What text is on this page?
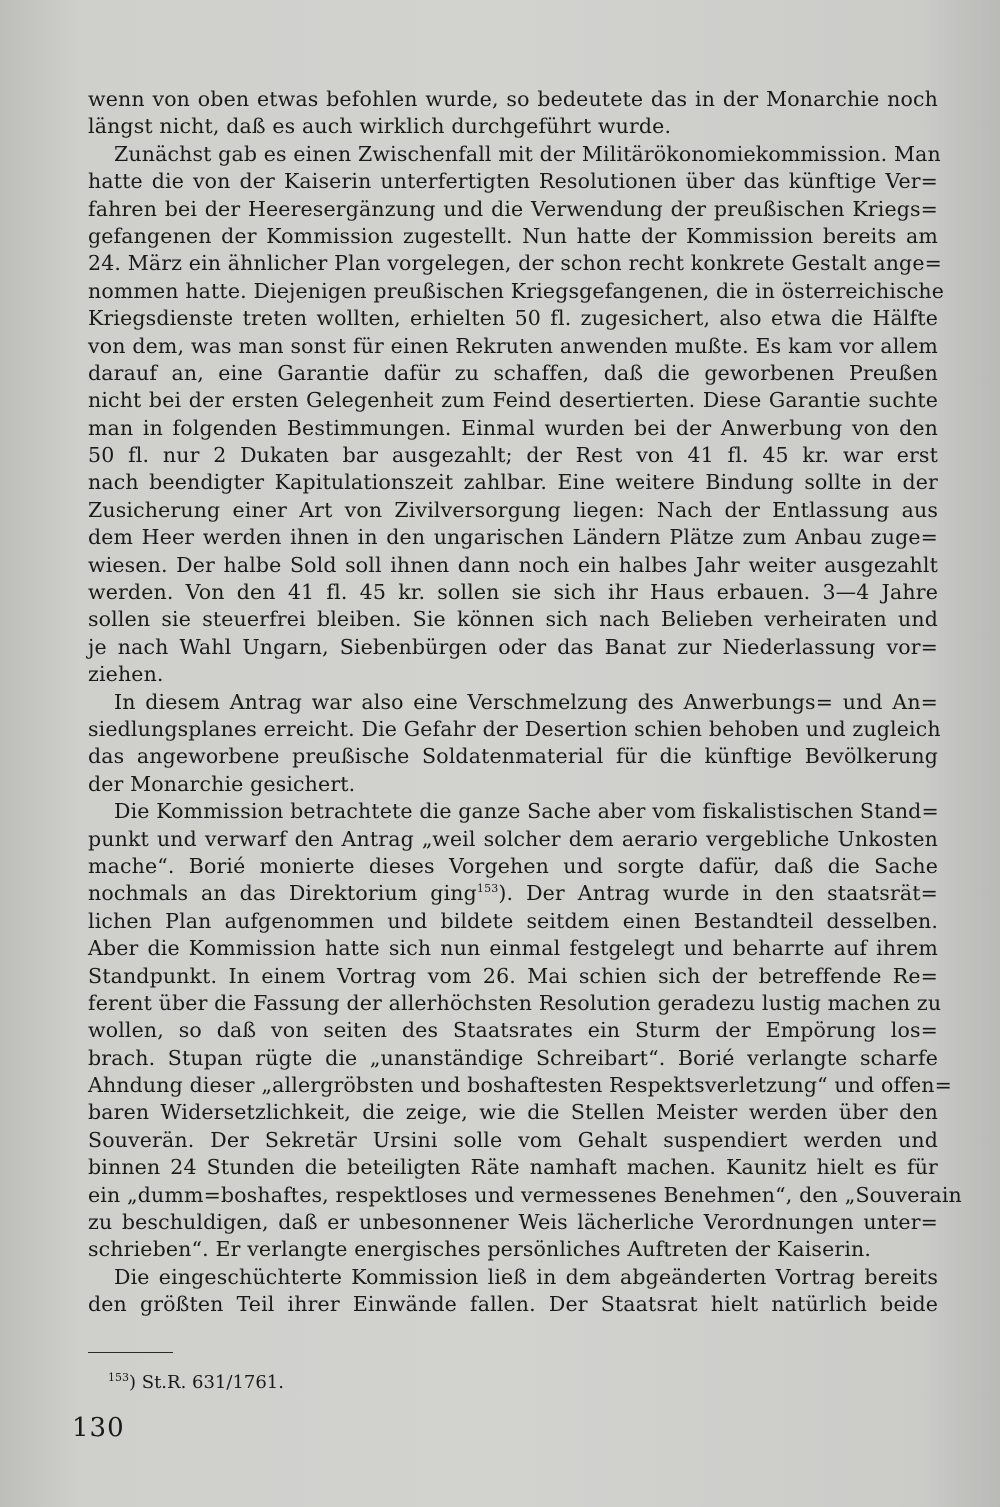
wenn von oben etwas befohlen wurde, so bedeutete das in der Monarchie noch
längst nicht, daß es auch wirklich durchgeführt wurde.
Zunächst gab es einen Zwischenfall mit der Militärökonomiekommission. Man
hatte die von der Kaiserin unterfertigten Resolutionen über das künftige Ver=
fahren bei der Heeresergänzung und die Verwendung der preußischen Kriegs=
gefangenen der Kommission zugestellt. Nun hatte der Kommission bereits am
24. März ein ähnlicher Plan vorgelegen, der schon recht konkrete Gestalt ange=
nommen hatte. Diejenigen preußischen Kriegsgefangenen, die in österreichische
Kriegsdienste treten wollten, erhielten 50 fl. zugesichert, also etwa die Hälfte
von dem, was man sonst für einen Rekruten anwenden mußte. Es kam vor allem
darauf an, eine Garantie dafür zu schaffen, daß die geworbenen Preußen
nicht bei der ersten Gelegenheit zum Feind desertierten. Diese Garantie suchte
man in folgenden Bestimmungen. Einmal wurden bei der Anwerbung von den
50 fl. nur 2 Dukaten bar ausgezahlt; der Rest von 41 fl. 45 kr. war erst
nach beendigter Kapitulationszeit zahlbar. Eine weitere Bindung sollte in der
Zusicherung einer Art von Zivilversorgung liegen: Nach der Entlassung aus
dem Heer werden ihnen in den ungarischen Ländern Plätze zum Anbau zuge=
wiesen. Der halbe Sold soll ihnen dann noch ein halbes Jahr weiter ausgezahlt
werden. Von den 41 fl. 45 kr. sollen sie sich ihr Haus erbauen. 3—4 Jahre
sollen sie steuerfrei bleiben. Sie können sich nach Belieben verheiraten und
je nach Wahl Ungarn, Siebenbürgen oder das Banat zur Niederlassung vor=
ziehen.
In diesem Antrag war also eine Verschmelzung des Anwerbungs= und An=
siedlungsplanes erreicht. Die Gefahr der Desertion schien behoben und zugleich
das angeworbene preußische Soldatenmaterial für die künftige Bevölkerung
der Monarchie gesichert.
Die Kommission betrachtete die ganze Sache aber vom fiskalistischen Stand=
punkt und verwarf den Antrag „weil solcher dem aerario vergebliche Unkosten
mache“. Borié monierte dieses Vorgehen und sorgte dafür, daß die Sache
nochmals an das Direktorium ging$^{153}$). Der Antrag wurde in den staatsrät=
lichen Plan aufgenommen und bildete seitdem einen Bestandteil desselben.
Aber die Kommission hatte sich nun einmal festgelegt und beharrte auf ihrem
Standpunkt. In einem Vortrag vom 26. Mai schien sich der betreffende Re=
ferent über die Fassung der allerhöchsten Resolution geradezu lustig machen zu
wollen, so daß von seiten des Staatsrates ein Sturm der Empörung los=
brach. Stupan rügte die „unanständige Schreibart“. Borié verlangte scharfe
Ahndung dieser „allergröbsten und boshaftesten Respektsverletzung“ und offen=
baren Widersetzlichkeit, die zeige, wie die Stellen Meister werden über den
Souverän. Der Sekretär Ursini solle vom Gehalt suspendiert werden und
binnen 24 Stunden die beteiligten Räte namhaft machen. Kaunitz hielt es für
ein „dumm=boshaftes, respektloses und vermessenes Benehmen“, den „Souverain
zu beschuldigen, daß er unbesonnener Weis lächerliche Verordnungen unter=
schrieben“. Er verlangte energisches persönliches Auftreten der Kaiserin.
Die eingeschüchterte Kommission ließ in dem abgeänderten Vortrag bereits
den größten Teil ihrer Einwände fallen. Der Staatsrat hielt natürlich beide
$^{153}$) St.R. 631/1761.
130
